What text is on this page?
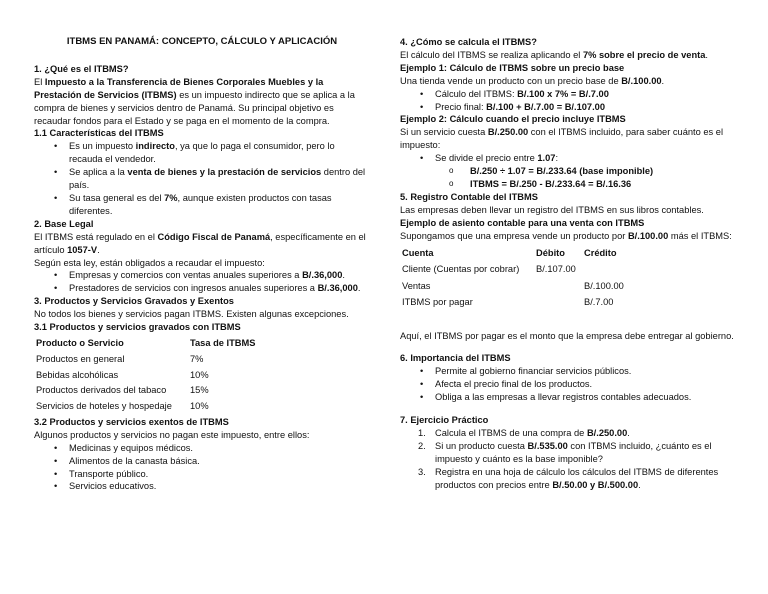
ITBMS EN PANAMÁ: CONCEPTO, CÁLCULO Y APLICACIÓN
1. ¿Qué es el ITBMS?

El Impuesto a la Transferencia de Bienes Corporales Muebles y la Prestación de Servicios (ITBMS) es un impuesto indirecto que se aplica a la compra de bienes y servicios dentro de Panamá. Su principal objetivo es recaudar fondos para el Estado y se paga en el momento de la compra.

1.1 Características del ITBMS
• Es un impuesto indirecto, ya que lo paga el consumidor, pero lo recauda el vendedor.
• Se aplica a la venta de bienes y la prestación de servicios dentro del país.
• Su tasa general es del 7%, aunque existen productos con tasas diferentes.
2. Base Legal

El ITBMS está regulado en el Código Fiscal de Panamá, específicamente en el artículo 1057-V.

Según esta ley, están obligados a recaudar el impuesto:

• Empresas y comercios con ventas anuales superiores a B/.36,000.
• Prestadores de servicios con ingresos anuales superiores a B/.36,000.
3. Productos y Servicios Gravados y Exentos

No todos los bienes y servicios pagan ITBMS. Existen algunas excepciones.

3.1 Productos y servicios gravados con ITBMS
Producto o Servicio	Tasa de ITBMS
Productos en general	7%
Bebidas alcohólicas	10%
Productos derivados del tabaco	15%
Servicios de hoteles y hospedaje	10%
3.2 Productos y servicios exentos de ITBMS

Algunos productos y servicios no pagan este impuesto, entre ellos:

• Medicinas y equipos médicos.
• Alimentos de la canasta básica.
• Transporte público.
• Servicios educativos.
4. ¿Cómo se calcula el ITBMS?

El cálculo del ITBMS se realiza aplicando el 7% sobre el precio de venta.

Ejemplo 1: Cálculo de ITBMS sobre un precio base

Una tienda vende un producto con un precio base de B/.100.00.

• Cálculo del ITBMS: B/.100 x 7% = B/.7.00
• Precio final: B/.100 + B/.7.00 = B/.107.00
Ejemplo 2: Cálculo cuando el precio incluye ITBMS

Si un servicio cuesta B/.250.00 con el ITBMS incluido, para saber cuánto es el impuesto:

• Se divide el precio entre 1.07:
o B/.250 ÷ 1.07 = B/.233.64 (base imponible)
o ITBMS = B/.250 - B/.233.64 = B/.16.36
5. Registro Contable del ITBMS

Las empresas deben llevar un registro del ITBMS en sus libros contables.

Ejemplo de asiento contable para una venta con ITBMS

Supongamos que una empresa vende un producto por B/.100.00 más el ITBMS:

Cuenta	Débito	Crédito
Cliente (Cuentas por cobrar)	B/.107.00	
Ventas		B/.100.00
ITBMS por pagar		B/.7.00

Aquí, el ITBMS por pagar es el monto que la empresa debe entregar al gobierno.

6. Importancia del ITBMS
• Permite al gobierno financiar servicios públicos.
• Afecta el precio final de los productos.
• Obliga a las empresas a llevar registros contables adecuados.
7. Ejercicio Práctico
1. Calcula el ITBMS de una compra de B/.250.00.
2. Si un producto cuesta B/.535.00 con ITBMS incluido, ¿cuánto es el impuesto y cuánto es la base imponible?
3. Registra en una hoja de cálculo los cálculos del ITBMS de diferentes productos con precios entre B/.50.00 y B/.500.00.
